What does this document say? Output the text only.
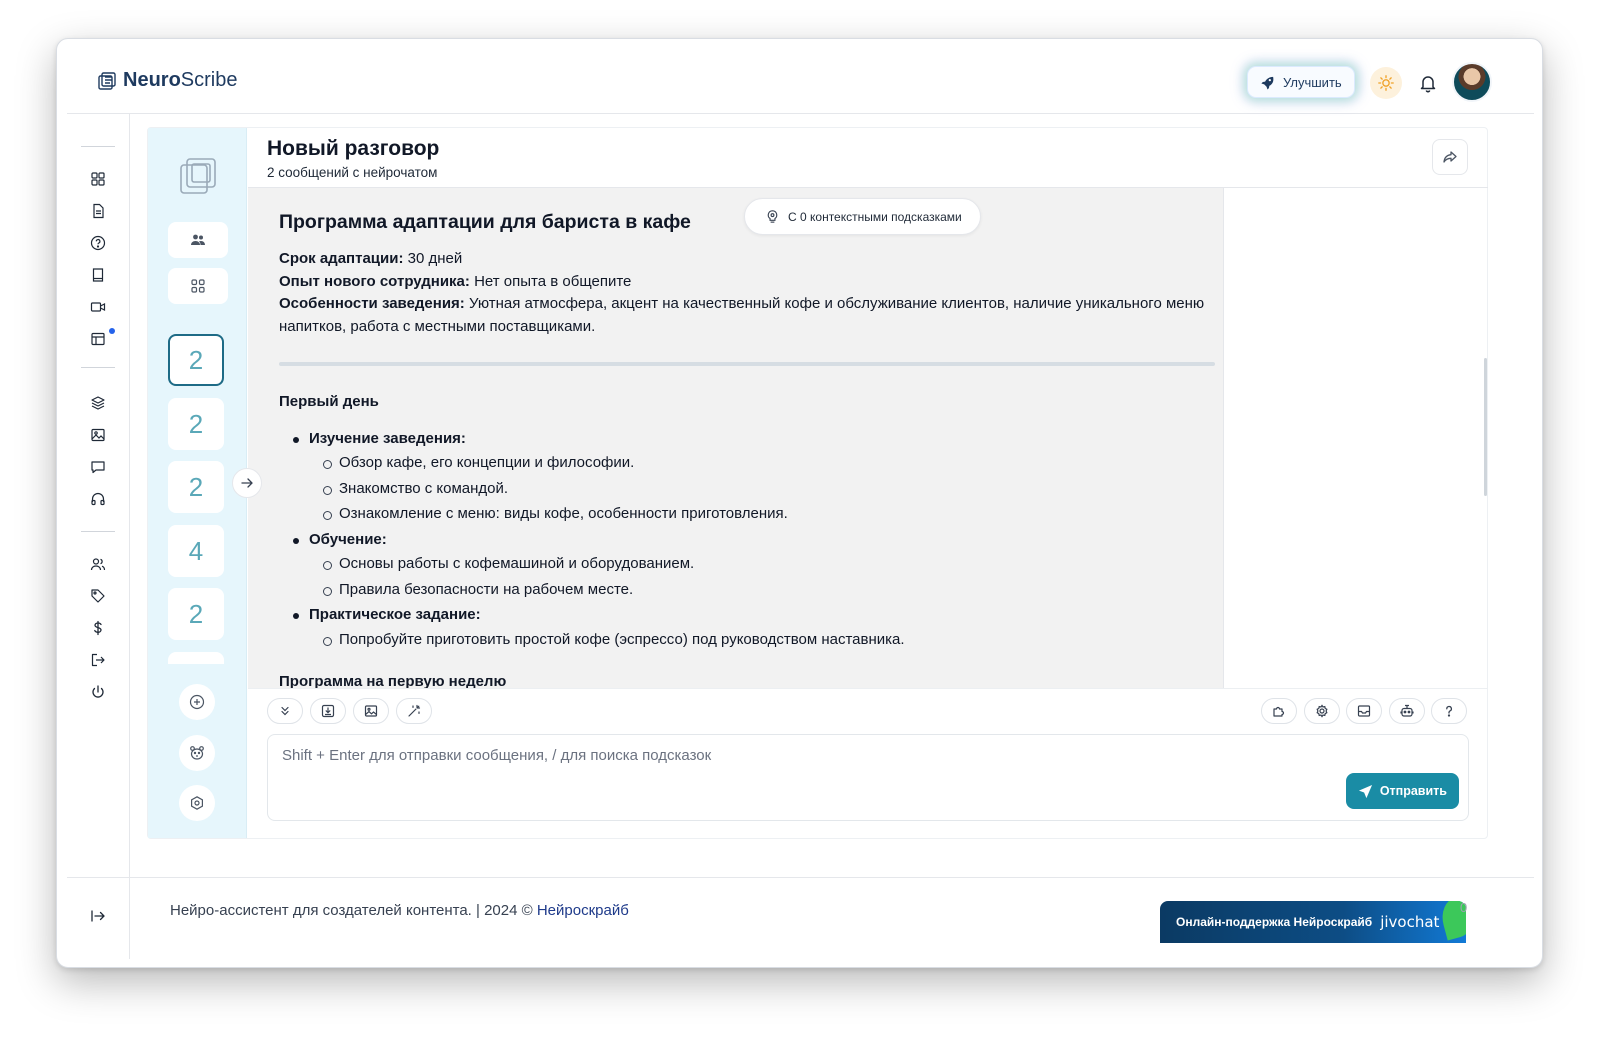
NeuroScribe	Улучшить
2
2
2
4
2
Новый разговор
2 сообщений с нейрочатом
С 0 контекстными подсказками
Программа адаптации для бариста в кафе
Срок адаптации: 30 дней
Опыт нового сотрудника: Нет опыта в общепите
Особенности заведения: Уютная атмосфера, акцент на качественный кофе и обслуживание клиентов, наличие уникального меню напитков, работа с местными поставщиками.
Первый день
Изучение заведения:
Обзор кафе, его концепции и философии.
Знакомство с командой.
Ознакомление с меню: виды кофе, особенности приготовления.
Обучение:
Основы работы с кофемашиной и оборудованием.
Правила безопасности на рабочем месте.
Практическое задание:
Попробуйте приготовить простой кофе (эспрессо) под руководством наставника.
Программа на первую неделю
Shift + Enter для отправки сообщения, / для поиска подсказок
Отправить
Нейро-ассистент для создателей контента. | 2024 © Нейроскрайб
Онлайн-поддержка Нейроскрайб jivochat
0
